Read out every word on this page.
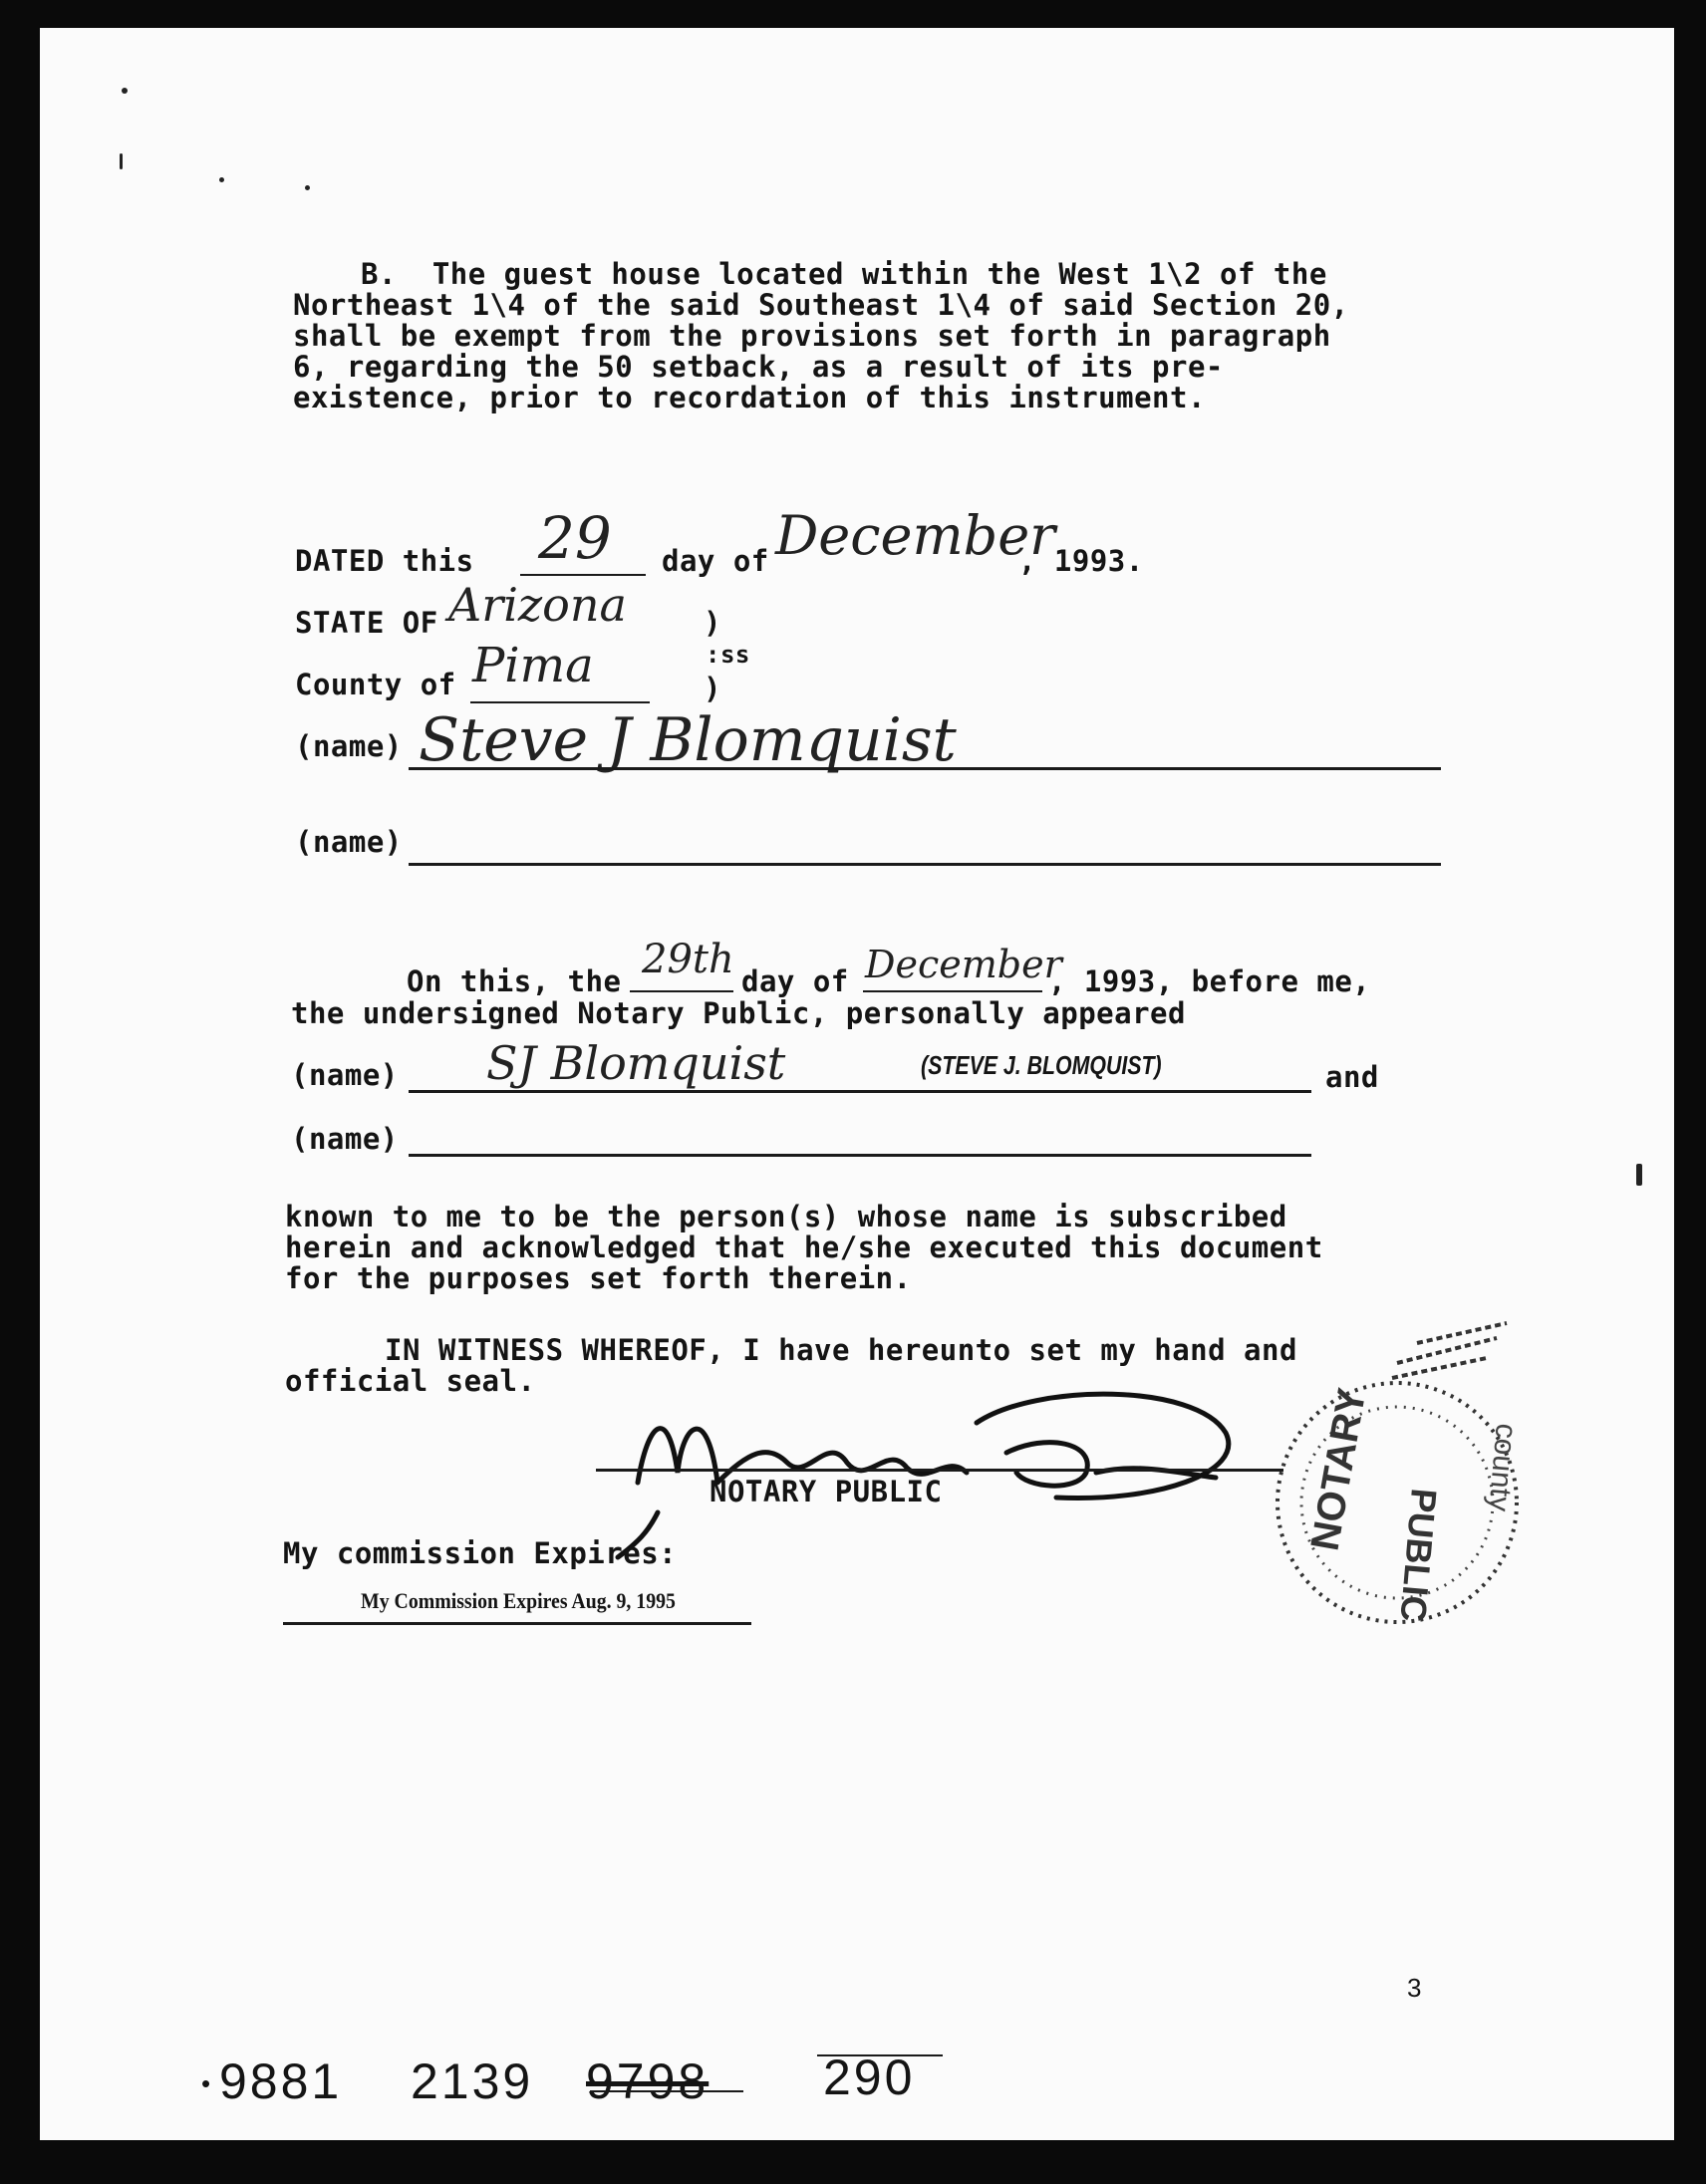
B.  The guest house located within the West 1\2 of the
Northeast 1\4 of the said Southeast 1\4 of said Section 20,
shall be exempt from the provisions set forth in paragraph
6, regarding the 50 setback, as a result of its pre-
existence, prior to recordation of this instrument.
DATED this 29 day of December
, 1993.
STATE OF Arizona	)
:ss
County of Pima	)
(name) Steve J Blomquist
(name)
On this, the 29th day of December
, 1993, before me,
the undersigned Notary Public, personally appeared
(name) SJ Blomquist	(STEVE J. BLOMQUIST)	and
(name)
known to me to be the person(s) whose name is subscribed
herein and acknowledged that he/she executed this document
for the purposes set forth therein.
IN WITNESS WHEREOF, I have hereunto set my hand and
official seal.
NOTARY PUBLIC
My commission Expires:
My Commission Expires Aug. 9, 1995
NOTARY
PUBLIC
county
3
• 9881 2139 9798 290
